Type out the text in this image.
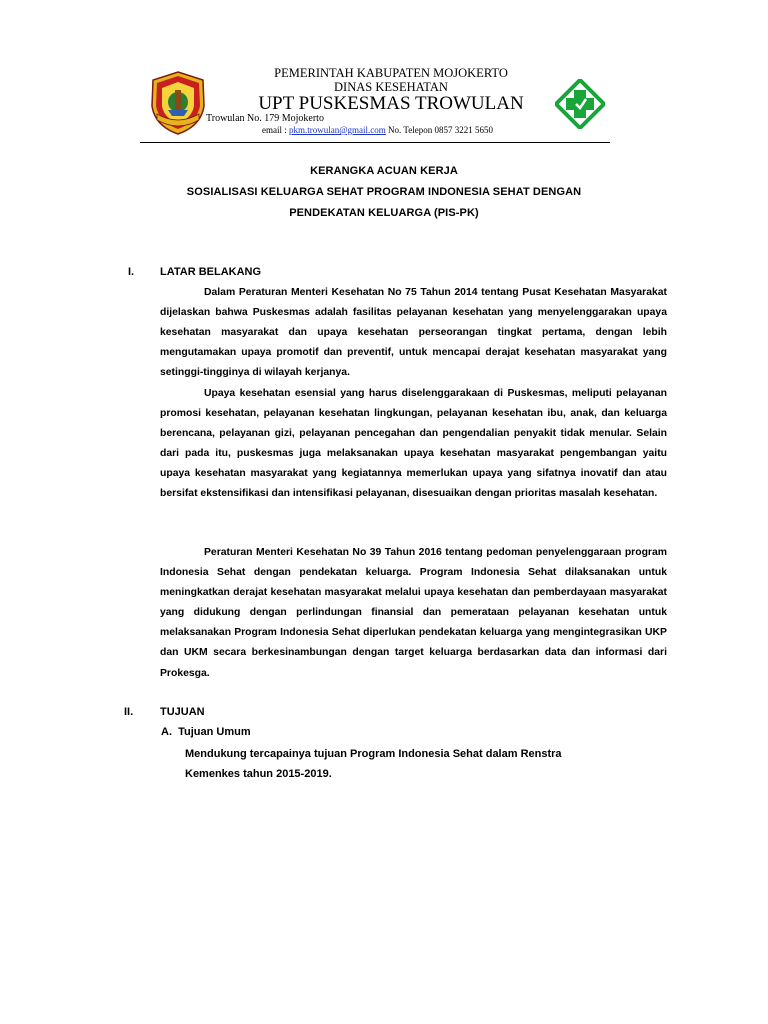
PEMERINTAH KABUPATEN MOJOKERTO
DINAS KESEHATAN
UPT PUSKESMAS TROWULAN
Trowulan No. 179 Mojokerto
email : pkm.trowulan@gmail.com No. Telepon 0857 3221 5650
KERANGKA ACUAN KERJA
SOSIALISASI KELUARGA SEHAT PROGRAM INDONESIA SEHAT DENGAN
PENDEKATAN KELUARGA (PIS-PK)
I. LATAR BELAKANG

Dalam Peraturan Menteri Kesehatan No 75 Tahun 2014 tentang Pusat Kesehatan Masyarakat dijelaskan bahwa Puskesmas adalah fasilitas pelayanan kesehatan yang menyelenggarakan upaya kesehatan masyarakat dan upaya kesehatan perseorangan tingkat pertama, dengan lebih mengutamakan upaya promotif dan preventif, untuk mencapai derajat kesehatan masyarakat yang setinggi-tingginya di wilayah kerjanya.

Upaya kesehatan esensial yang harus diselenggarakaan di Puskesmas, meliputi pelayanan promosi kesehatan, pelayanan kesehatan lingkungan, pelayanan kesehatan ibu, anak, dan keluarga berencana, pelayanan gizi, pelayanan pencegahan dan pengendalian penyakit tidak menular. Selain dari pada itu, puskesmas juga melaksanakan upaya kesehatan masyarakat pengembangan yaitu upaya kesehatan masyarakat yang kegiatannya memerlukan upaya yang sifatnya inovatif dan atau bersifat ekstensifikasi dan intensifikasi pelayanan, disesuaikan dengan prioritas masalah kesehatan.

Peraturan Menteri Kesehatan No 39 Tahun 2016 tentang pedoman penyelenggaraan program Indonesia Sehat dengan pendekatan keluarga. Program Indonesia Sehat dilaksanakan untuk meningkatkan derajat kesehatan masyarakat melalui upaya kesehatan dan pemberdayaan masyarakat yang didukung dengan perlindungan finansial dan pemerataan pelayanan kesehatan untuk melaksanakan Program Indonesia Sehat diperlukan pendekatan keluarga yang mengintegrasikan UKP dan UKM secara berkesinambungan dengan target keluarga berdasarkan data dan informasi dari Prokesga.

II. TUJUAN
A.  Tujuan Umum
Mendukung tercapainya tujuan Program Indonesia Sehat dalam Renstra
Kemenkes tahun 2015-2019.
